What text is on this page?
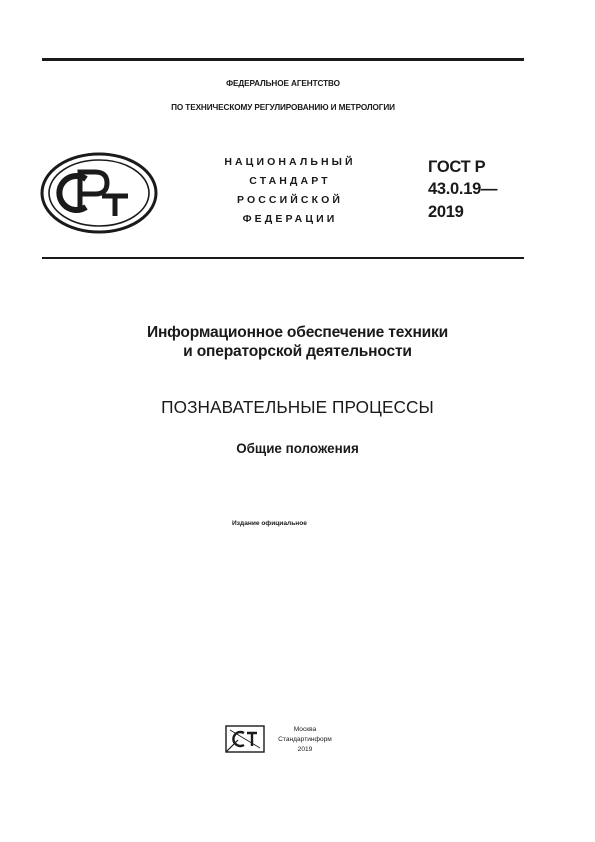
ФЕДЕРАЛЬНОЕ АГЕНТСТВО
ПО ТЕХНИЧЕСКОМУ РЕГУЛИРОВАНИЮ И МЕТРОЛОГИИ
НАЦИОНАЛЬНЫЙ
СТАНДАРТ
РОССИЙСКОЙ
ФЕДЕРАЦИИ
ГОСТ Р
43.0.19—
2019
Информационное обеспечение техники
и операторской деятельности
ПОЗНАВАТЕЛЬНЫЕ ПРОЦЕССЫ
Общие положения
Издание официальное
Москва
Стандартинформ
2019
